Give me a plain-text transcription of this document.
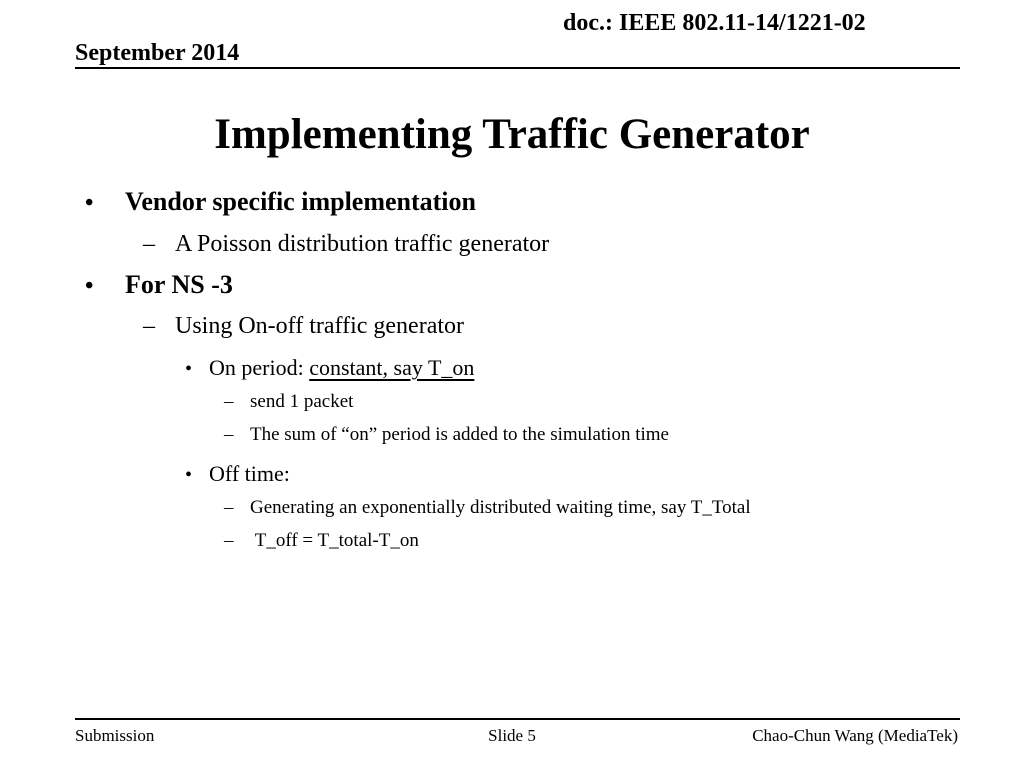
doc.: IEEE 802.11-14/1221-02
September 2014
Implementing Traffic Generator
•	Vendor specific implementation
– A Poisson distribution traffic generator
•	For NS -3
– Using On-off traffic generator
• On period: constant, say T_on
– send 1 packet
– The sum of “on” period is added to the simulation time
• Off time:
– Generating an exponentially distributed waiting time, say T_Total
– T_off = T_total-T_on
Submission	Slide 5	Chao-Chun Wang (MediaTek)
